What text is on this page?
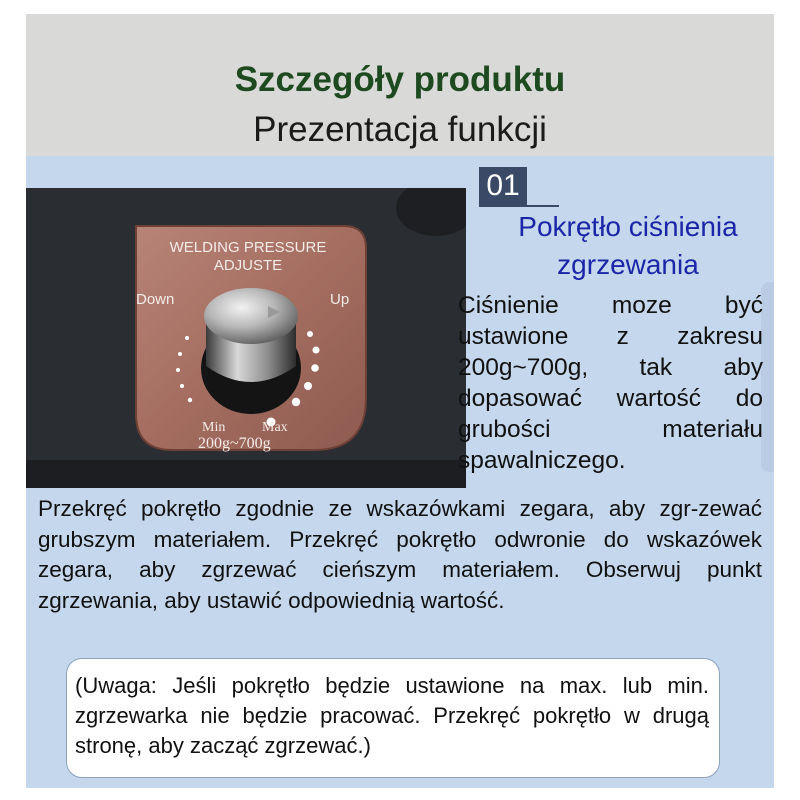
Szczegóły produktu
Prezentacja funkcji
WELDING PRESSURE
ADJUSTE
Down	Up
Min	Max
200g~700g
01
Pokrętło ciśnienia
zgrzewania
Ciśnienie moze być ustawione z zakresu 200g~700g, tak aby dopasować wartość do grubości materiału
spawalniczego.
Przekręć pokrętło zgodnie ze wskazówkami zegara, aby zgr-zewać grubszym materiałem. Przekręć pokrętło odwronie do wskazówek zegara, aby zgrzewać cieńszym materiałem. Obserwuj punkt zgrzewania, aby ustawić odpowiednią wartość.
(Uwaga: Jeśli pokrętło będzie ustawione na max. lub min. zgrzewarka nie będzie pracować. Przekręć pokrętło w drugą stronę, aby zacząć zgrzewać.)
